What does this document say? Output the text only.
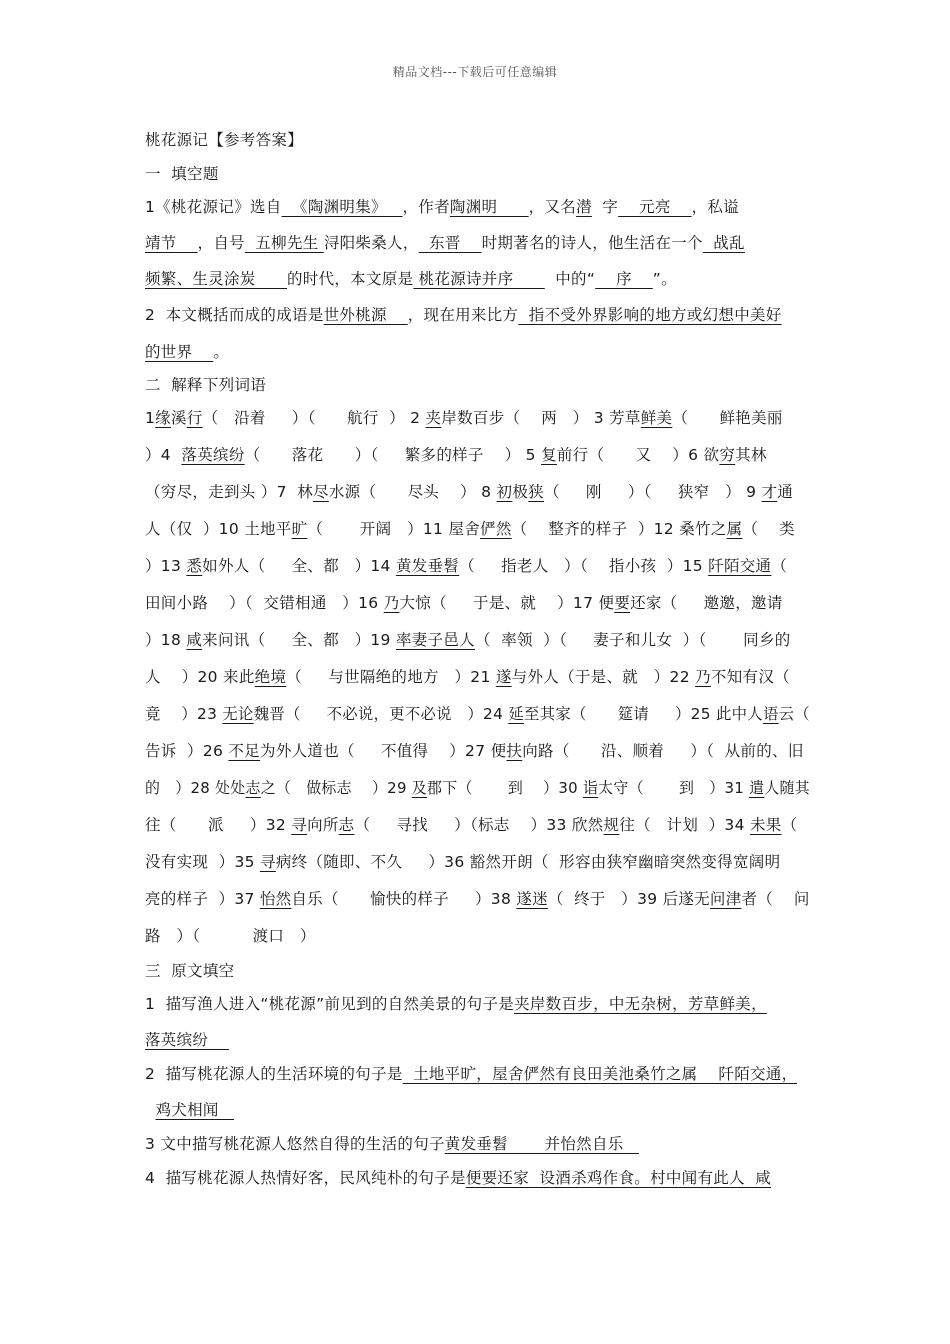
精品文档---下载后可任意编辑
桃花源记【参考答案】
一  填空题
1《桃花源记》选自  《陶渊明集》   ，作者陶渊明      ，又名潜  字    元亮    ，私谥
靖节    ，自号  五柳先生 浔阳柴桑人，  东晋    时期著名的诗人，他生活在一个  战乱
频繁、生灵涂炭      的时代，本文原是 桃花源诗并序        中的“    序    ”。
2  本文概括而成的成语是世外桃源    ，现在用来比方  指不受外界影响的地方或幻想中美好
的世界    。
二  解释下列词语
1缘溪行（   沿着     ）（      航行  ） 2 夹岸数百步（    两   ） 3 芳草鲜美（      鲜艳美丽
）4  落英缤纷（      落花      ）（     繁多的样子    ） 5 复前行（      又    ）6 欲穷其林
（穷尽，走到头 ）7  林尽水源（      尽头    ） 8 初极狭（     刚     ）（     狭窄   ） 9 才通
人（仅  ）10 土地平旷（       开阔   ）11 屋舍俨然（    整齐的样子  ）12 桑竹之属（    类
）13 悉如外人（     全、都   ）14 黄发垂髫（     指老人   ）（    指小孩  ）15 阡陌交通（
田间小路    ）（  交错相通   ）16 乃大惊（     于是、就    ）17 便要还家（     邀邀，邀请
）18 咸来问讯（     全、都   ）19 率妻子邑人（  率领  ）（     妻子和儿女  ）（       同乡的
人    ）20 来此绝境（     与世隔绝的地方   ）21 遂与外人（于是、就   ）22 乃不知有汉（
竟    ）23 无论魏晋（     不必说，更不必说   ）24 延至其家（      筵请     ）25 此中人语云（
告诉  ）26 不足为外人道也（     不值得    ）27 便扶向路（      沿、顺着     ）（  从前的、旧
的   ）28 处处志之（   做标志    ）29 及郡下（       到    ）30 诣太守（       到   ）31 遣人随其
往（      派     ）32 寻向所志（     寻找     ）（标志    ）33 欣然规往（   计划  ）34 未果（
没有实现  ）35 寻病终（随即、不久     ）36 豁然开朗（  形容由狭窄幽暗突然变得宽阔明
亮的样子  ）37 怡然自乐（      愉快的样子     ）38 遂迷（  终于   ）39 后遂无问津者（    问
路   ）（          渡口   ）
三  原文填空
1  描写渔人进入“桃花源”前见到的自然美景的句子是夹岸数百步，中无杂树，芳草鲜美，
落英缤纷
2  描写桃花源人的生活环境的句子是  土地平旷，屋舍俨然有良田美池桑竹之属    阡陌交通，
鸡犬相闻
3 文中描写桃花源人悠然自得的生活的句子黄发垂髫       并怡然自乐
4  描写桃花源人热情好客，民风纯朴的句子是便要还家  设酒杀鸡作食。村中闻有此人  咸
